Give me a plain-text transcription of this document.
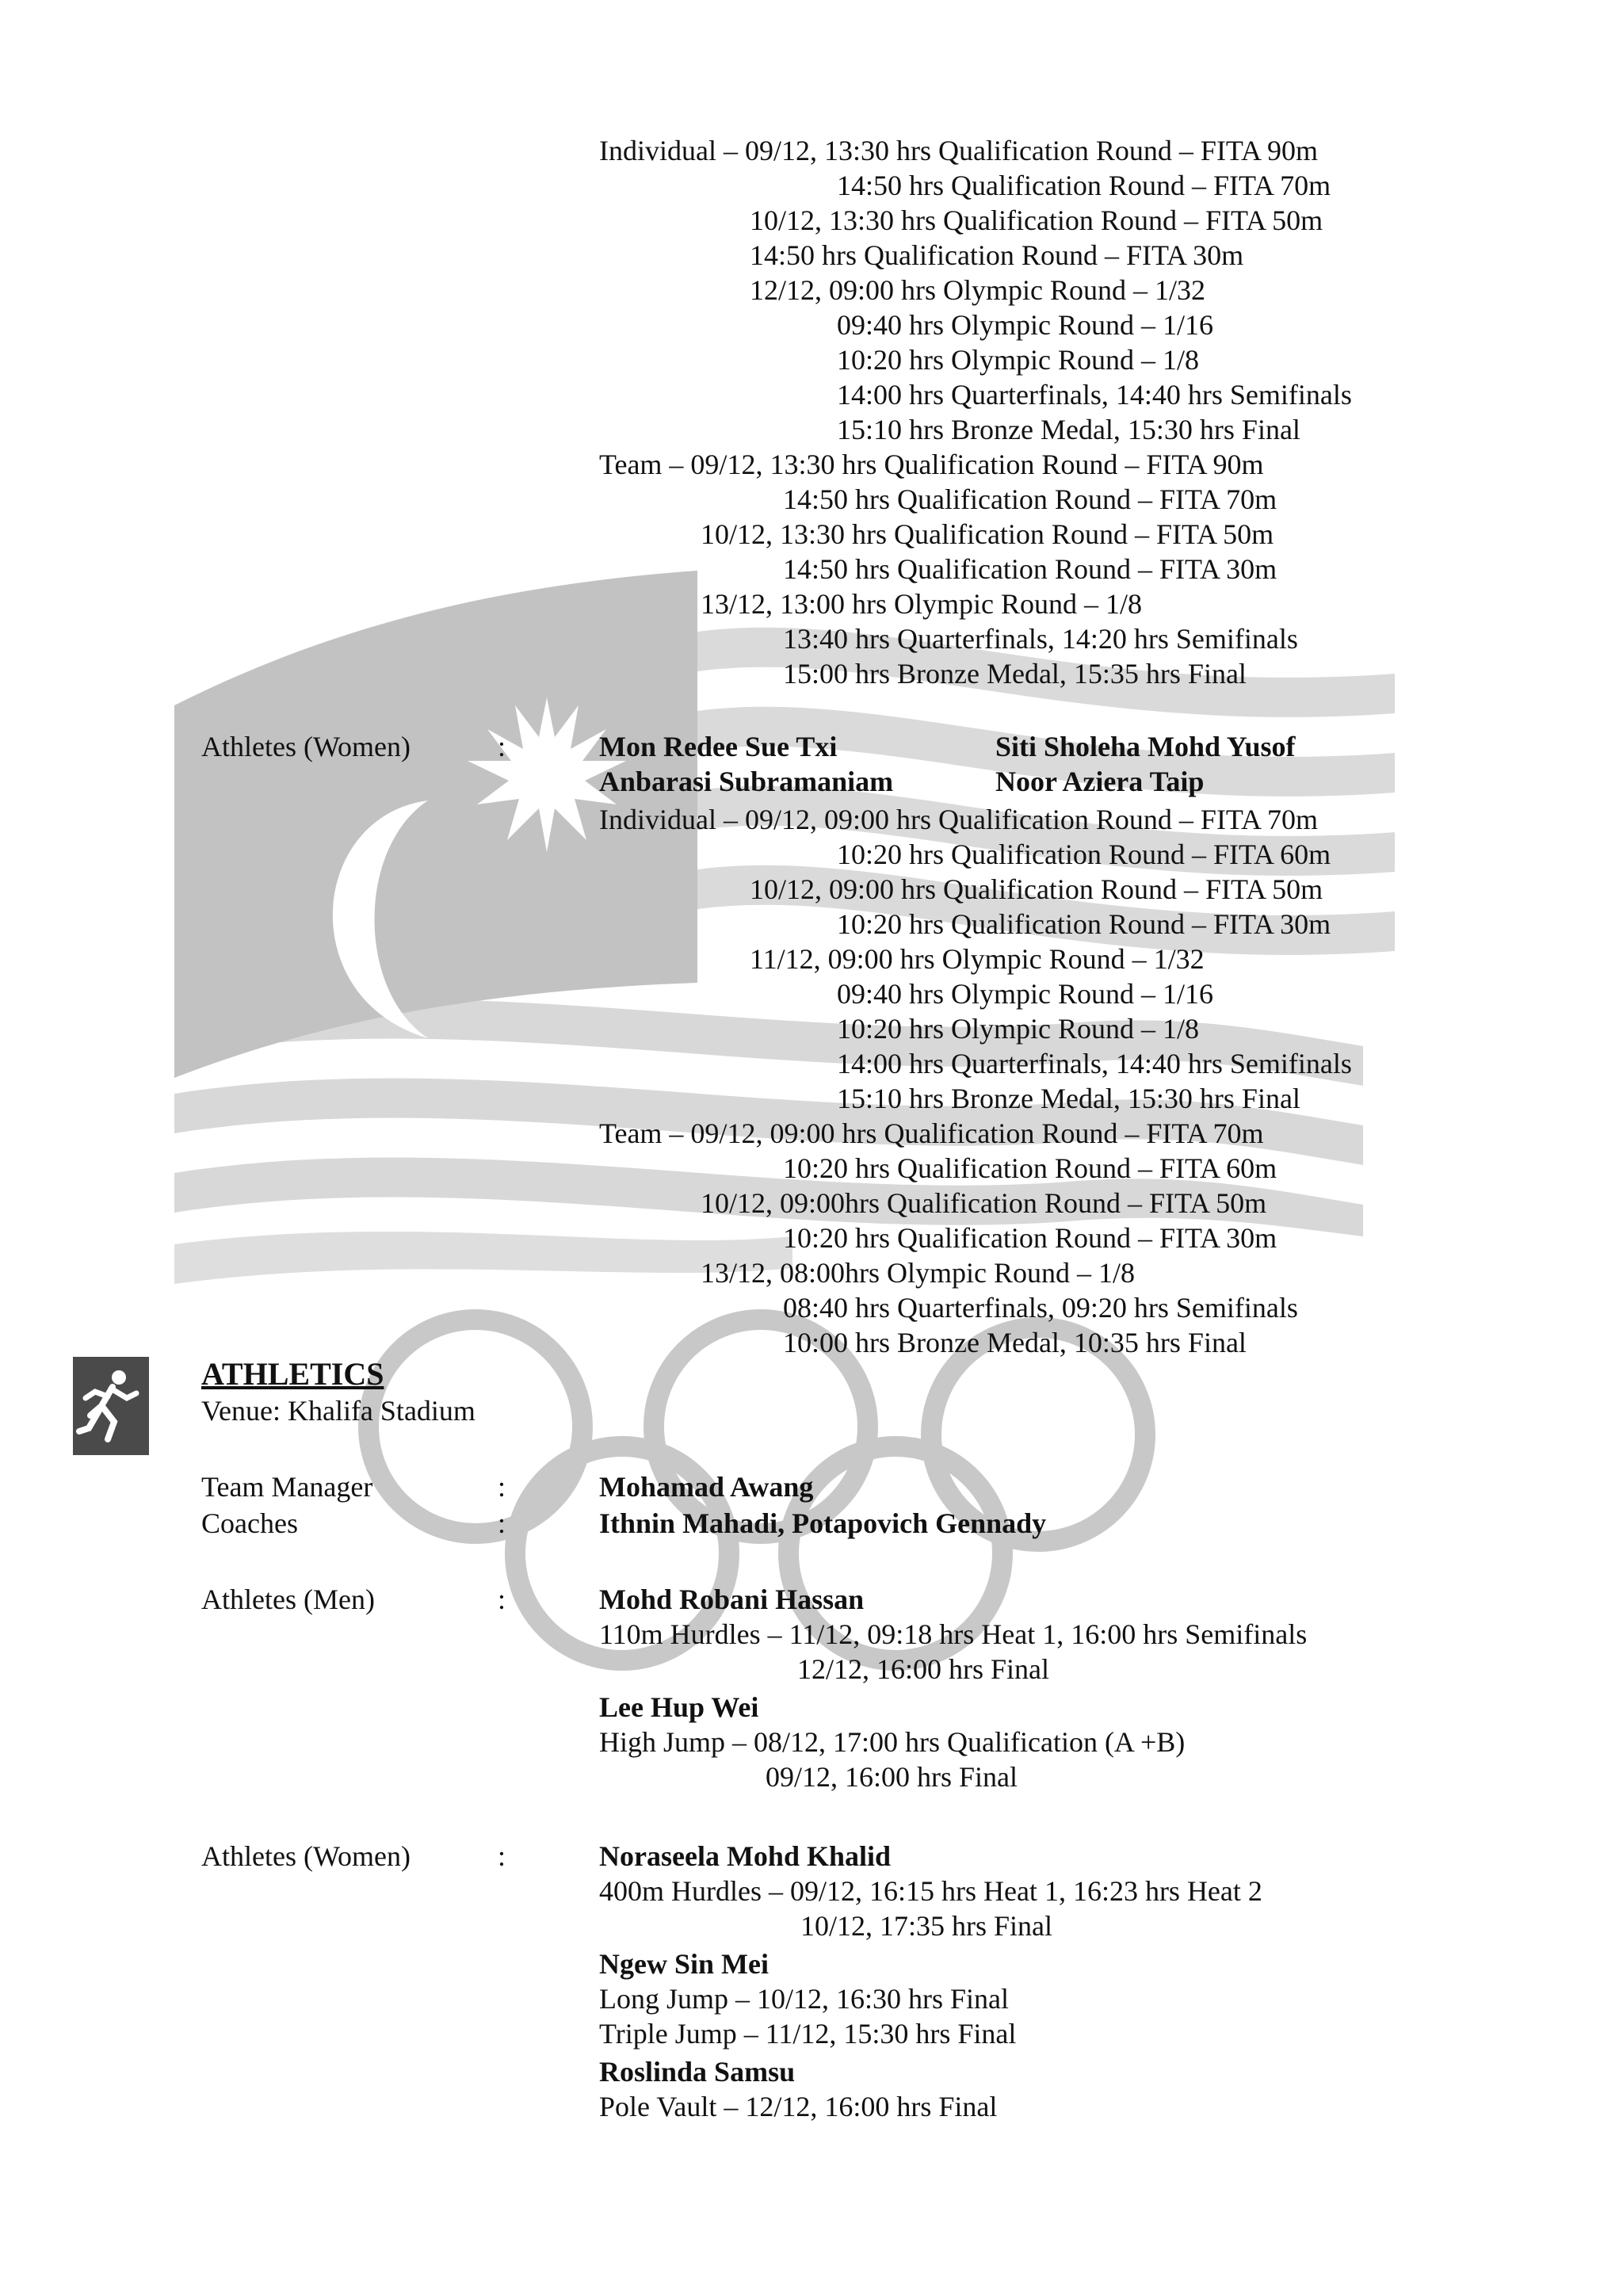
Individual – 09/12, 13:30 hrs Qualification Round – FITA 90m
14:50 hrs Qualification Round – FITA 70m
10/12, 13:30 hrs Qualification Round – FITA 50m
14:50 hrs Qualification Round – FITA 30m
12/12, 09:00 hrs Olympic Round – 1/32
09:40 hrs Olympic Round – 1/16
10:20 hrs Olympic Round – 1/8
14:00 hrs Quarterfinals, 14:40 hrs Semifinals
15:10 hrs Bronze Medal, 15:30 hrs Final
Team – 09/12, 13:30 hrs Qualification Round – FITA 90m
14:50 hrs Qualification Round – FITA 70m
10/12, 13:30 hrs Qualification Round – FITA 50m
14:50 hrs Qualification Round – FITA 30m
13/12, 13:00 hrs Olympic Round – 1/8
13:40 hrs Quarterfinals, 14:20 hrs Semifinals
15:00 hrs Bronze Medal, 15:35 hrs Final
Athletes (Women)	:	Mon Redee Sue Txi	Siti Sholeha Mohd Yusof
Anbarasi Subramaniam	Noor Aziera Taip
Individual – 09/12, 09:00 hrs Qualification Round – FITA 70m
10:20 hrs Qualification Round – FITA 60m
10/12, 09:00 hrs Qualification Round – FITA 50m
10:20 hrs Qualification Round – FITA 30m
11/12, 09:00 hrs Olympic Round – 1/32
09:40 hrs Olympic Round – 1/16
10:20 hrs Olympic Round – 1/8
14:00 hrs Quarterfinals, 14:40 hrs Semifinals
15:10 hrs Bronze Medal, 15:30 hrs Final
Team – 09/12, 09:00 hrs Qualification Round – FITA 70m
10:20 hrs Qualification Round – FITA 60m
10/12, 09:00hrs Qualification Round – FITA 50m
10:20 hrs Qualification Round – FITA 30m
13/12, 08:00hrs Olympic Round – 1/8
08:40 hrs Quarterfinals, 09:20 hrs Semifinals
10:00 hrs Bronze Medal, 10:35 hrs Final
ATHLETICS
Venue: Khalifa Stadium
Team Manager	:	Mohamad Awang
Coaches	:	Ithnin Mahadi, Potapovich Gennady
Athletes (Men)	:	Mohd Robani Hassan
110m Hurdles – 11/12, 09:18 hrs Heat 1, 16:00 hrs Semifinals
12/12, 16:00 hrs Final
Lee Hup Wei
High Jump – 08/12, 17:00 hrs Qualification (A +B)
09/12, 16:00 hrs Final
Athletes (Women)	:	Noraseela Mohd Khalid
400m Hurdles – 09/12, 16:15 hrs Heat 1, 16:23 hrs Heat 2
10/12, 17:35 hrs Final
Ngew Sin Mei
Long Jump – 10/12, 16:30 hrs Final
Triple Jump – 11/12, 15:30 hrs Final
Roslinda Samsu
Pole Vault – 12/12, 16:00 hrs Final
